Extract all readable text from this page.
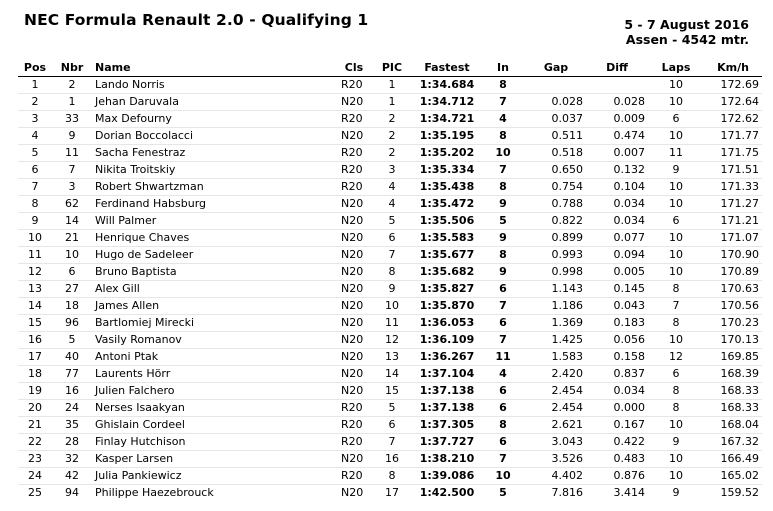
NEC Formula Renault 2.0 - Qualifying 1	5 - 7 August 2016
Assen - 4542 mtr.
Pos	Nbr	Name	Cls	PIC	Fastest	In	Gap	Diff	Laps	Km/h
1	2	Lando Norris	R20	1	1:34.684	8			10	172.69
2	1	Jehan Daruvala	N20	1	1:34.712	7	0.028	0.028	10	172.64
3	33	Max Defourny	R20	2	1:34.721	4	0.037	0.009	6	172.62
4	9	Dorian Boccolacci	N20	2	1:35.195	8	0.511	0.474	10	171.77
5	11	Sacha Fenestraz	R20	2	1:35.202	10	0.518	0.007	11	171.75
6	7	Nikita Troitskiy	R20	3	1:35.334	7	0.650	0.132	9	171.51
7	3	Robert Shwartzman	R20	4	1:35.438	8	0.754	0.104	10	171.33
8	62	Ferdinand Habsburg	N20	4	1:35.472	9	0.788	0.034	10	171.27
9	14	Will Palmer	N20	5	1:35.506	5	0.822	0.034	6	171.21
10	21	Henrique Chaves	N20	6	1:35.583	9	0.899	0.077	10	171.07
11	10	Hugo de Sadeleer	N20	7	1:35.677	8	0.993	0.094	10	170.90
12	6	Bruno Baptista	N20	8	1:35.682	9	0.998	0.005	10	170.89
13	27	Alex Gill	N20	9	1:35.827	6	1.143	0.145	8	170.63
14	18	James Allen	N20	10	1:35.870	7	1.186	0.043	7	170.56
15	96	Bartlomiej Mirecki	N20	11	1:36.053	6	1.369	0.183	8	170.23
16	5	Vasily Romanov	N20	12	1:36.109	7	1.425	0.056	10	170.13
17	40	Antoni Ptak	N20	13	1:36.267	11	1.583	0.158	12	169.85
18	77	Laurents Hörr	N20	14	1:37.104	4	2.420	0.837	6	168.39
19	16	Julien Falchero	N20	15	1:37.138	6	2.454	0.034	8	168.33
20	24	Nerses Isaakyan	R20	5	1:37.138	6	2.454	0.000	8	168.33
21	35	Ghislain Cordeel	R20	6	1:37.305	8	2.621	0.167	10	168.04
22	28	Finlay Hutchison	R20	7	1:37.727	6	3.043	0.422	9	167.32
23	32	Kasper Larsen	N20	16	1:38.210	7	3.526	0.483	10	166.49
24	42	Julia Pankiewicz	R20	8	1:39.086	10	4.402	0.876	10	165.02
25	94	Philippe Haezebrouck	N20	17	1:42.500	5	7.816	3.414	9	159.52
